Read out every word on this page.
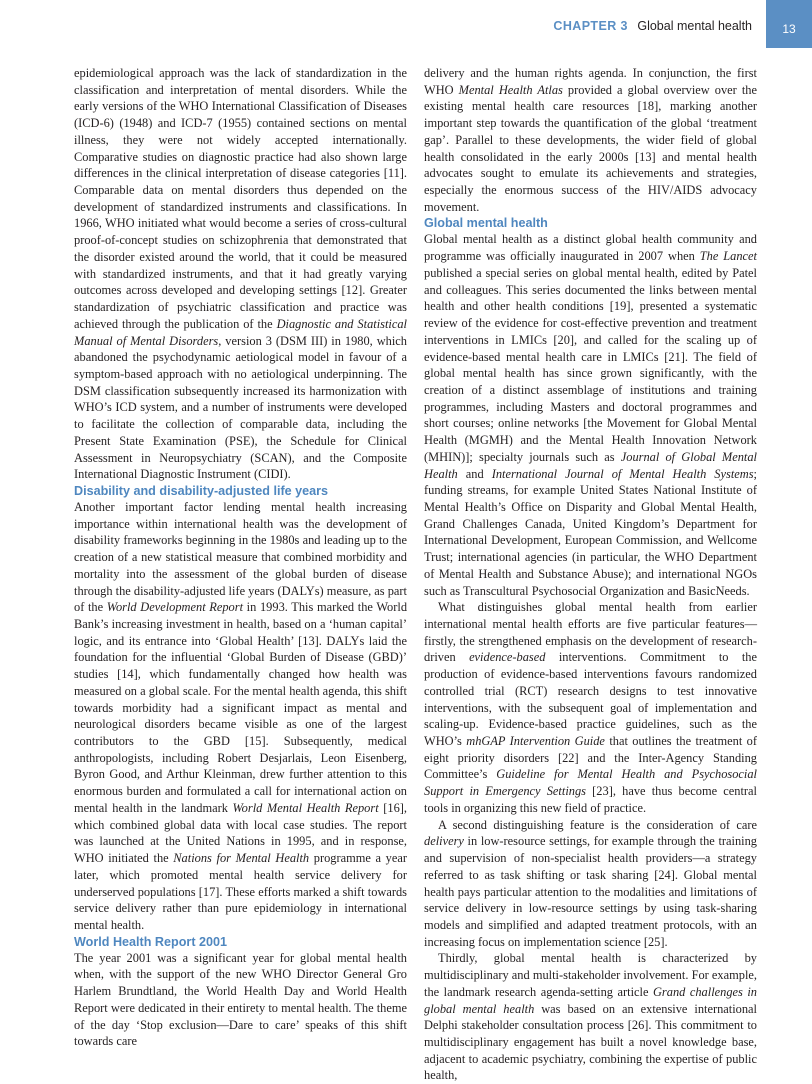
CHAPTER 3 Global mental health	13

epidemiological approach was the lack of standardization in the classification and interpretation of mental disorders. While the early versions of the WHO International Classification of Diseases (ICD-6) (1948) and ICD-7 (1955) contained sections on mental illness, they were not widely accepted internationally. Comparative studies on diagnostic practice had also shown large differences in the clinical interpretation of disease categories [11]. Comparable data on mental disorders thus depended on the development of standardized instruments and classifications. In 1966, WHO initiated what would become a series of cross-cultural proof-of-concept studies on schizophrenia that demonstrated that the disorder existed around the world, that it could be measured with standardized instruments, and that it had greatly varying outcomes across developed and developing settings [12]. Greater standardization of psychiatric classification and practice was achieved through the publication of the Diagnostic and Statistical Manual of Mental Disorders, version 3 (DSM III) in 1980, which abandoned the psychodynamic aetiological model in favour of a symptom-based approach with no aetiological underpinning. The DSM classification subsequently increased its harmonization with WHO’s ICD system, and a number of instruments were developed to facilitate the collection of comparable data, including the Present State Examination (PSE), the Schedule for Clinical Assessment in Neuropsychiatry (SCAN), and the Composite International Diagnostic Instrument (CIDI).

Disability and disability-adjusted life years

Another important factor lending mental health increasing importance within international health was the development of disability frameworks beginning in the 1980s and leading up to the creation of a new statistical measure that combined morbidity and mortality into the assessment of the global burden of disease through the disability-adjusted life years (DALYs) measure, as part of the World Development Report in 1993. This marked the World Bank’s increasing investment in health, based on a ‘human capital’ logic, and its entrance into ‘Global Health’ [13]. DALYs laid the foundation for the influential ‘Global Burden of Disease (GBD)’ studies [14], which fundamentally changed how health was measured on a global scale. For the mental health agenda, this shift towards morbidity had a significant impact as mental and neurological disorders became visible as one of the largest contributors to the GBD [15]. Subsequently, medical anthropologists, including Robert Desjarlais, Leon Eisenberg, Byron Good, and Arthur Kleinman, drew further attention to this enormous burden and formulated a call for international action on mental health in the landmark World Mental Health Report [16], which combined global data with local case studies. The report was launched at the United Nations in 1995, and in response, WHO initiated the Nations for Mental Health programme a year later, which promoted mental health service delivery for underserved populations [17]. These efforts marked a shift towards service delivery rather than pure epidemiology in international mental health.

World Health Report 2001

The year 2001 was a significant year for global mental health when, with the support of the new WHO Director General Gro Harlem Brundtland, the World Health Day and World Health Report were dedicated in their entirety to mental health. The theme of the day ‘Stop exclusion—Dare to care’ speaks of this shift towards care

delivery and the human rights agenda. In conjunction, the first WHO Mental Health Atlas provided a global overview over the existing mental health care resources [18], marking another important step towards the quantification of the global ‘treatment gap’. Parallel to these developments, the wider field of global health consolidated in the early 2000s [13] and mental health advocates sought to emulate its achievements and strategies, especially the enormous success of the HIV/AIDS advocacy movement.

Global mental health

Global mental health as a distinct global health community and programme was officially inaugurated in 2007 when The Lancet published a special series on global mental health, edited by Patel and colleagues. This series documented the links between mental health and other health conditions [19], presented a systematic review of the evidence for cost-effective prevention and treatment interventions in LMICs [20], and called for the scaling up of evidence-based mental health care in LMICs [21]. The field of global mental health has since grown significantly, with the creation of a distinct assemblage of institutions and training programmes, including Masters and doctoral programmes and short courses; online networks [the Movement for Global Mental Health (MGMH) and the Mental Health Innovation Network (MHIN)]; specialty journals such as Journal of Global Mental Health and International Journal of Mental Health Systems; funding streams, for example United States National Institute of Mental Health’s Office on Disparity and Global Mental Health, Grand Challenges Canada, United Kingdom’s Department for International Development, European Commission, and Wellcome Trust; international agencies (in particular, the WHO Department of Mental Health and Substance Abuse); and international NGOs such as Transcultural Psychosocial Organization and BasicNeeds.

What distinguishes global mental health from earlier international mental health efforts are five particular features—firstly, the strengthened emphasis on the development of research-driven evidence-based interventions. Commitment to the production of evidence-based interventions favours randomized controlled trial (RCT) research designs to test innovative interventions, with the subsequent goal of implementation and scaling-up. Evidence-based practice guidelines, such as the WHO’s mhGAP Intervention Guide that outlines the treatment of eight priority disorders [22] and the Inter-Agency Standing Committee’s Guideline for Mental Health and Psychosocial Support in Emergency Settings [23], have thus become central tools in organizing this new field of practice.

A second distinguishing feature is the consideration of care delivery in low-resource settings, for example through the training and supervision of non-specialist health providers—a strategy referred to as task shifting or task sharing [24]. Global mental health pays particular attention to the modalities and limitations of service delivery in low-resource settings by using task-sharing models and simplified and adapted treatment protocols, with an increasing focus on implementation science [25].

Thirdly, global mental health is characterized by multidisciplinary and multi-stakeholder involvement. For example, the landmark research agenda-setting article Grand challenges in global mental health was based on an extensive international Delphi stakeholder consultation process [26]. This commitment to multidisciplinary engagement has built a novel knowledge base, adjacent to academic psychiatry, combining the expertise of public health,
